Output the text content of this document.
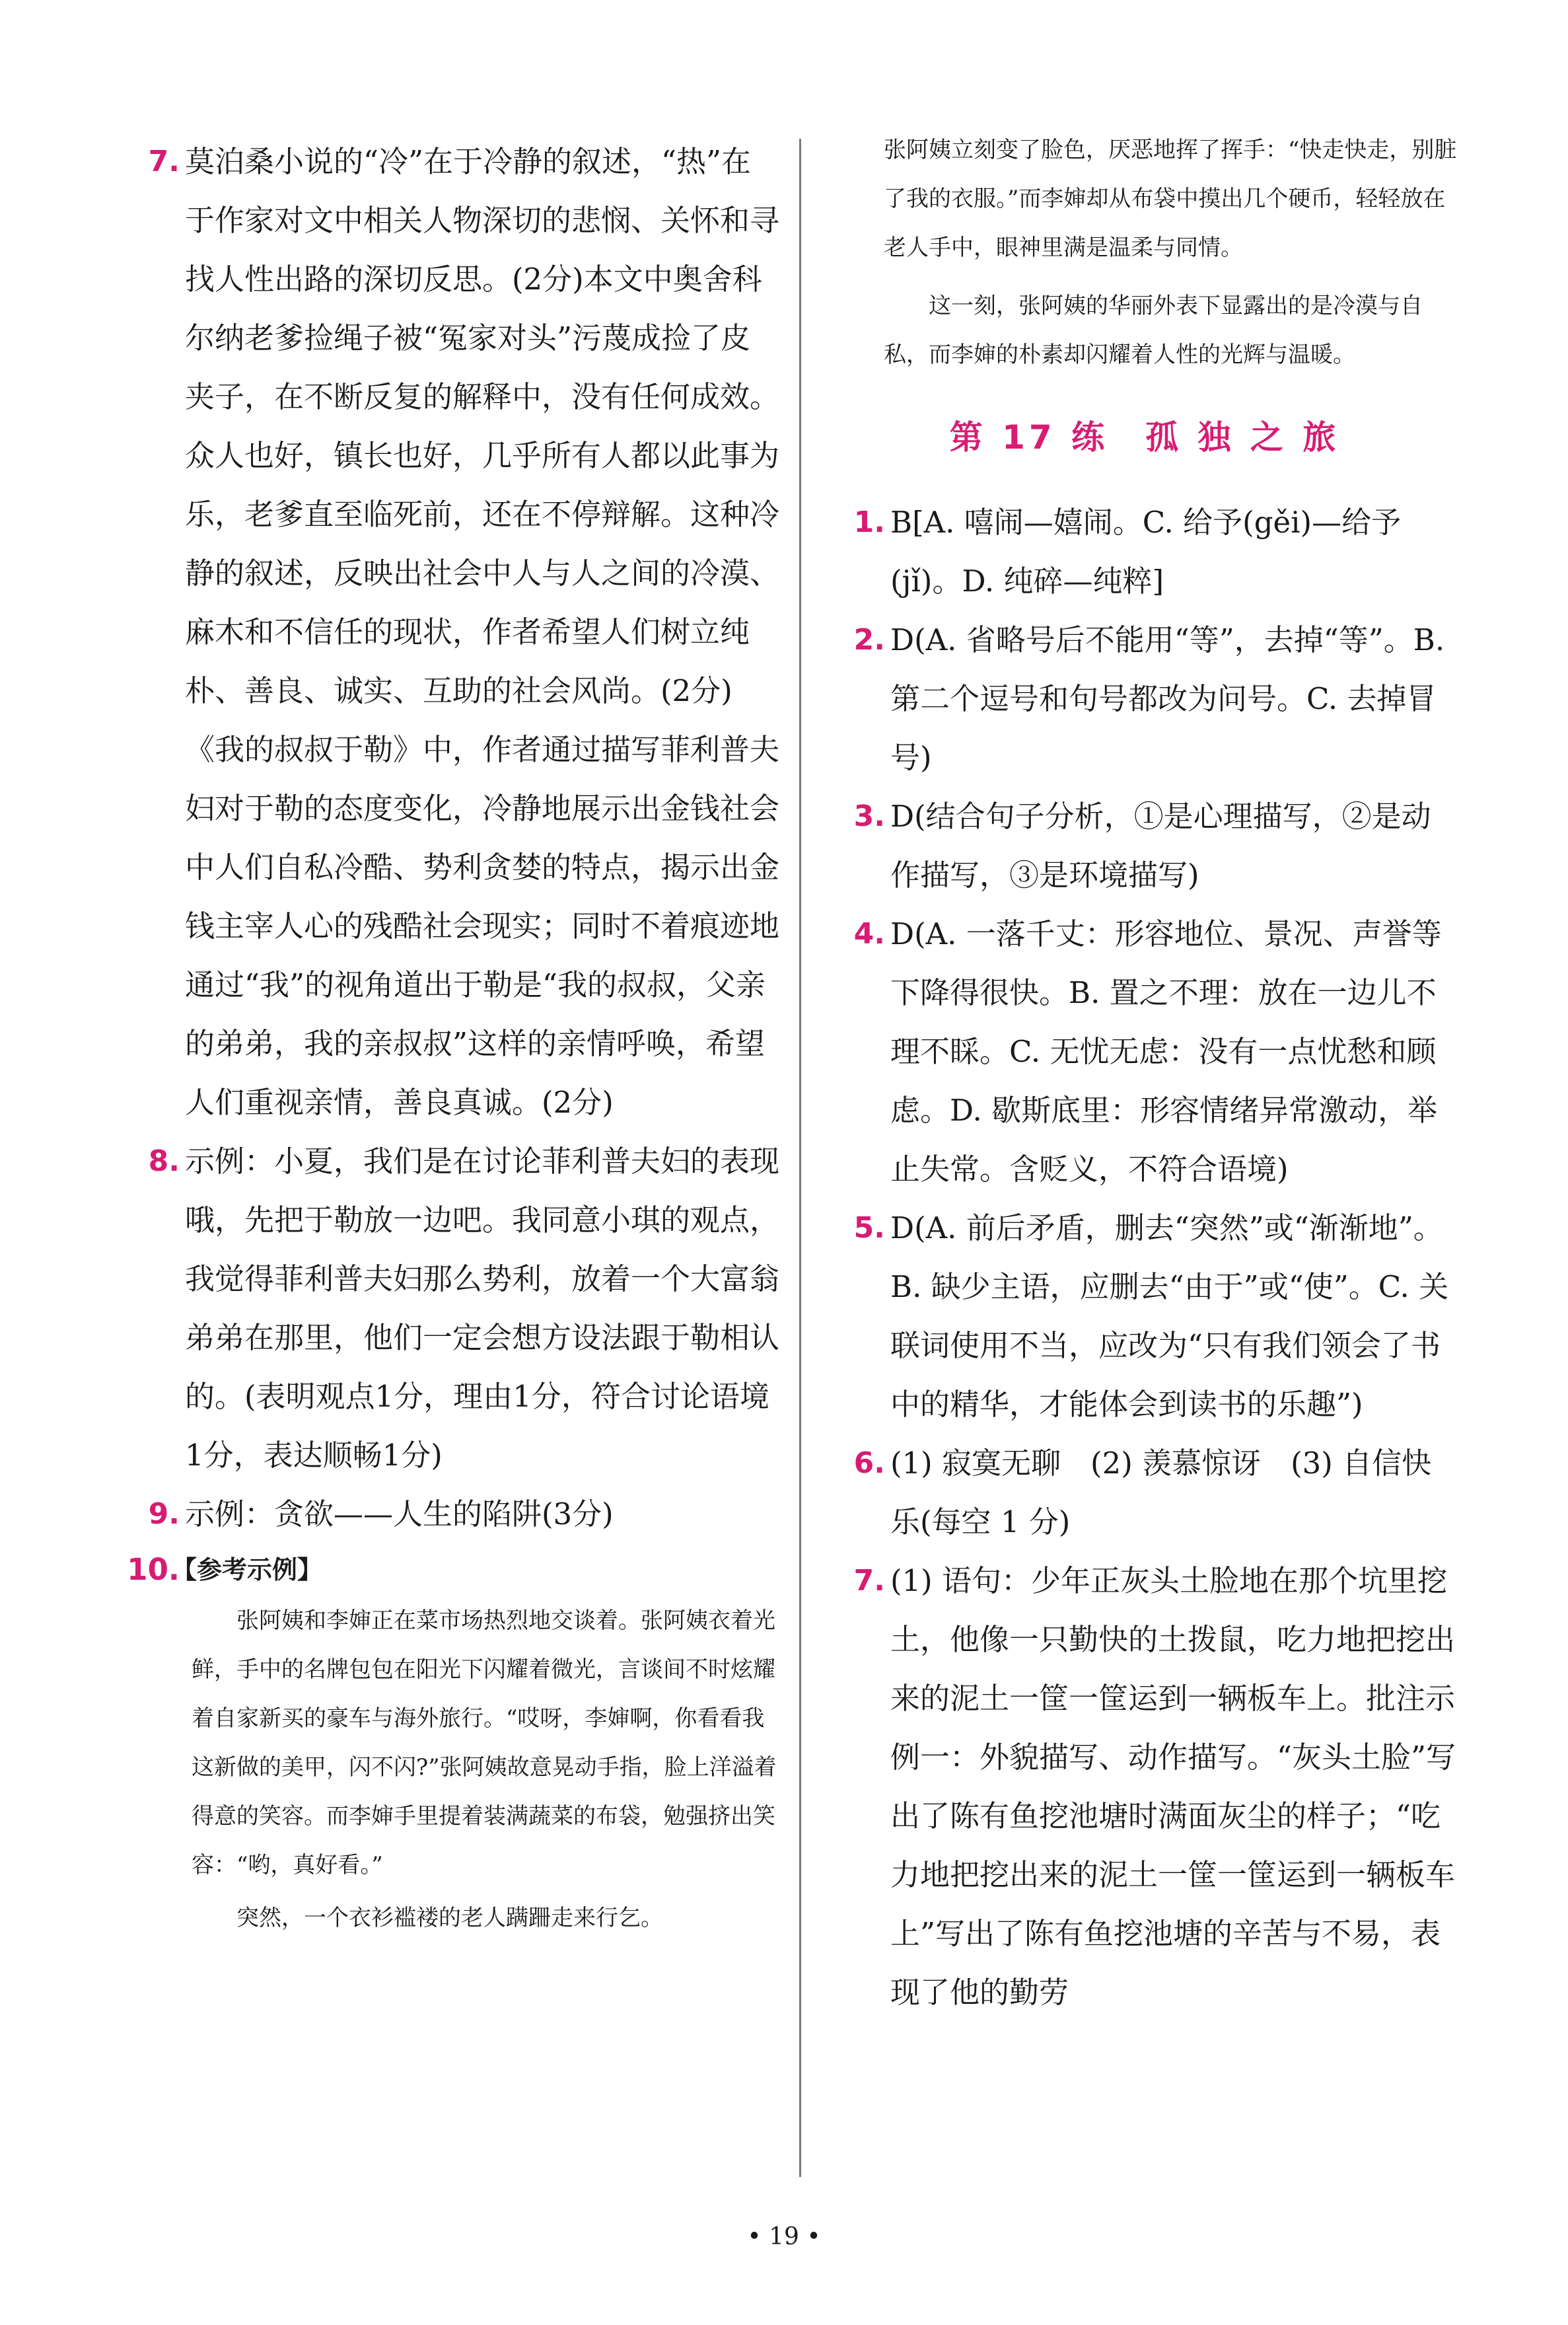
7. 莫泊桑小说的“冷”在于冷静的叙述，“热”在于作家对文中相关人物深切的悲悯、关怀和寻找人性出路的深切反思。(2分)本文中奥舍科尔纳老爹捡绳子被“冤家对头”污蔑成捡了皮夹子，在不断反复的解释中，没有任何成效。众人也好，镇长也好，几乎所有人都以此事为乐，老爹直至临死前，还在不停辩解。这种冷静的叙述，反映出社会中人与人之间的冷漠、麻木和不信任的现状，作者希望人们树立纯朴、善良、诚实、互助的社会风尚。(2分)《我的叔叔于勒》中，作者通过描写菲利普夫妇对于勒的态度变化，冷静地展示出金钱社会中人们自私冷酷、势利贪婪的特点，揭示出金钱主宰人心的残酷社会现实；同时不着痕迹地通过“我”的视角道出于勒是“我的叔叔，父亲的弟弟，我的亲叔叔”这样的亲情呼唤，希望人们重视亲情，善良真诚。(2分)
8. 示例：小夏，我们是在讨论菲利普夫妇的表现哦，先把于勒放一边吧。我同意小琪的观点，我觉得菲利普夫妇那么势利，放着一个大富翁弟弟在那里，他们一定会想方设法跟于勒相认的。(表明观点1分，理由1分，符合讨论语境1分，表达顺畅1分)
9. 示例：贪欲——人生的陷阱(3分)
10.
【参考示例】
张阿姨和李婶正在菜市场热烈地交谈着。张阿姨衣着光鲜，手中的名牌包包在阳光下闪耀着微光，言谈间不时炫耀着自家新买的豪车与海外旅行。“哎呀，李婶啊，你看看我这新做的美甲，闪不闪?”张阿姨故意晃动手指，脸上洋溢着得意的笑容。而李婶手里提着装满蔬菜的布袋，勉强挤出笑容：“哟，真好看。”
突然，一个衣衫褴褛的老人蹒跚走来行乞。
张阿姨立刻变了脸色，厌恶地挥了挥手：“快走快走，别脏了我的衣服。”而李婶却从布袋中摸出几个硬币，轻轻放在老人手中，眼神里满是温柔与同情。
这一刻，张阿姨的华丽外表下显露出的是冷漠与自私，而李婶的朴素却闪耀着人性的光辉与温暖。
第 17 练　孤 独 之 旅
1. B[A. 嘻闹—嬉闹。C. 给予(gěi)—给予(jǐ)。D. 纯碎—纯粹]
2. D(A. 省略号后不能用“等”，去掉“等”。B. 第二个逗号和句号都改为问号。C. 去掉冒号)
3. D(结合句子分析，①是心理描写，②是动作描写，③是环境描写)
4. D(A. 一落千丈：形容地位、景况、声誉等下降得很快。B. 置之不理：放在一边儿不理不睬。C. 无忧无虑：没有一点忧愁和顾虑。D. 歇斯底里：形容情绪异常激动，举止失常。含贬义，不符合语境)
5. D(A. 前后矛盾，删去“突然”或“渐渐地”。B. 缺少主语，应删去“由于”或“使”。C. 关联词使用不当，应改为“只有我们领会了书中的精华，才能体会到读书的乐趣”)
6. (1) 寂寞无聊　(2) 羡慕惊讶　(3) 自信快乐(每空 1 分)
7. (1) 语句：少年正灰头土脸地在那个坑里挖土，他像一只勤快的土拨鼠，吃力地把挖出来的泥土一筐一筐运到一辆板车上。批注示例一：外貌描写、动作描写。“灰头土脸”写出了陈有鱼挖池塘时满面灰尘的样子；“吃力地把挖出来的泥土一筐一筐运到一辆板车上”写出了陈有鱼挖池塘的辛苦与不易，表现了他的勤劳
• 19 •
